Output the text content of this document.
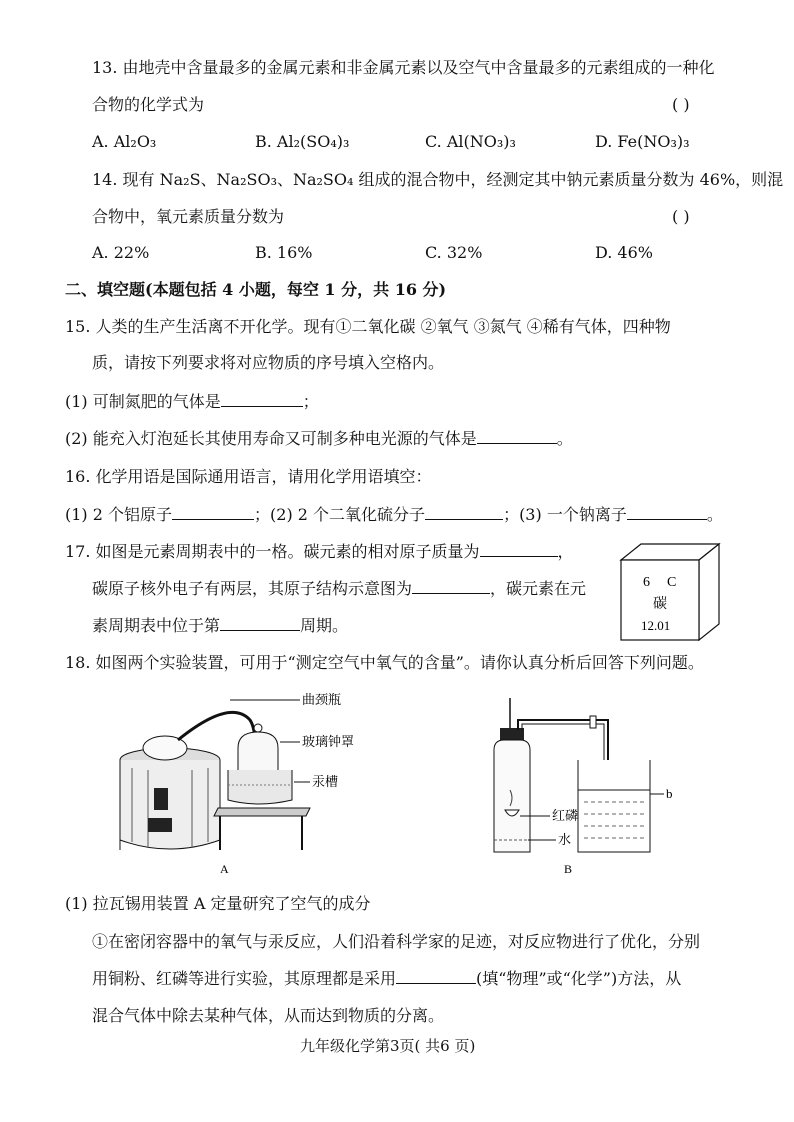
13. 由地壳中含量最多的金属元素和非金属元素以及空气中含量最多的元素组成的一种化
合物的化学式为	( )
A. Al₂O₃	B. Al₂(SO₄)₃	C. Al(NO₃)₃	D. Fe(NO₃)₃
14. 现有 Na₂S、Na₂SO₃、Na₂SO₄ 组成的混合物中，经测定其中钠元素质量分数为 46%，则混
合物中，氧元素质量分数为	( )
A. 22%	B. 16%	C. 32%	D. 46%
二、填空题(本题包括 4 小题，每空 1 分，共 16 分)
15. 人类的生产生活离不开化学。现有①二氧化碳 ②氧气 ③氮气 ④稀有气体，四种物
质，请按下列要求将对应物质的序号填入空格内。
(1) 可制氮肥的气体是	；
(2) 能充入灯泡延长其使用寿命又可制多种电光源的气体是	。
16. 化学用语是国际通用语言，请用化学用语填空：
(1) 2 个铝原子	；(2) 2 个二氧化硫分子	；(3) 一个钠离子	。
17. 如图是元素周期表中的一格。碳元素的相对原子质量为	，
碳原子核外电子有两层，其原子结构示意图为	，碳元素在元
素周期表中位于第	周期。
6 C
碳
12.01
18. 如图两个实验装置，可用于“测定空气中氧气的含量”。请你认真分析后回答下列问题。
曲颈瓶
玻璃钟罩
汞槽
A
b
红磷
水
B
(1) 拉瓦锡用装置 A 定量研究了空气的成分
①在密闭容器中的氧气与汞反应，人们沿着科学家的足迹，对反应物进行了优化，分别
用铜粉、红磷等进行实验，其原理都是采用	(填“物理”或“化学”)方法，从
混合气体中除去某种气体，从而达到物质的分离。
九年级化学第3页( 共6 页)
